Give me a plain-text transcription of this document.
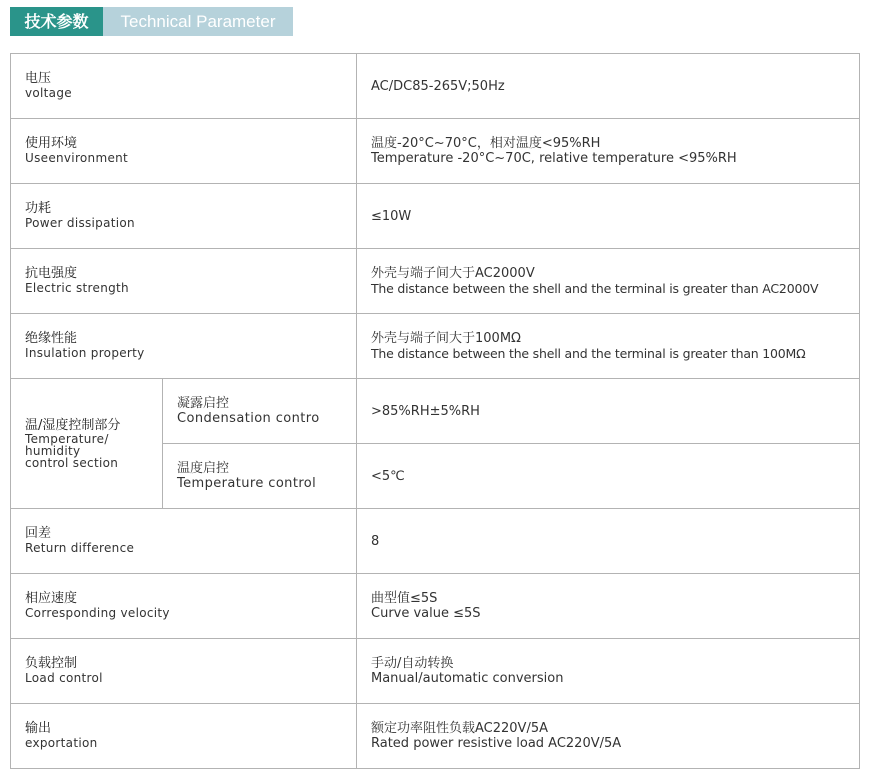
技术参数	Technical Parameter
电压
voltage		AC/DC85-265V;50Hz

使用环境
Useenvironment		温度-20°C~70°C，相对温度<95%RH
Temperature -20°C~70C, relative temperature <95%RH

功耗
Power dissipation		≤10W

抗电强度
Electric strength		外壳与端子间大于AC2000V
The distance between the shell and the terminal is greater than AC2000V

绝缘性能
Insulation property		外壳与端子间大于100MΩ
The distance between the shell and the terminal is greater than 100MΩ

温/湿度控制部分
Temperature/
humidity
control section	凝露启控
Condensation contro	>85%RH±5%RH

	温度启控
Temperature control	<5℃

回差
Return difference		8

相应速度
Corresponding velocity		曲型值≤5S
Curve value ≤5S

负载控制
Load control		手动/自动转换
Manual/automatic conversion

输出
exportation		额定功率阻性负载AC220V/5A
Rated power resistive load AC220V/5A
